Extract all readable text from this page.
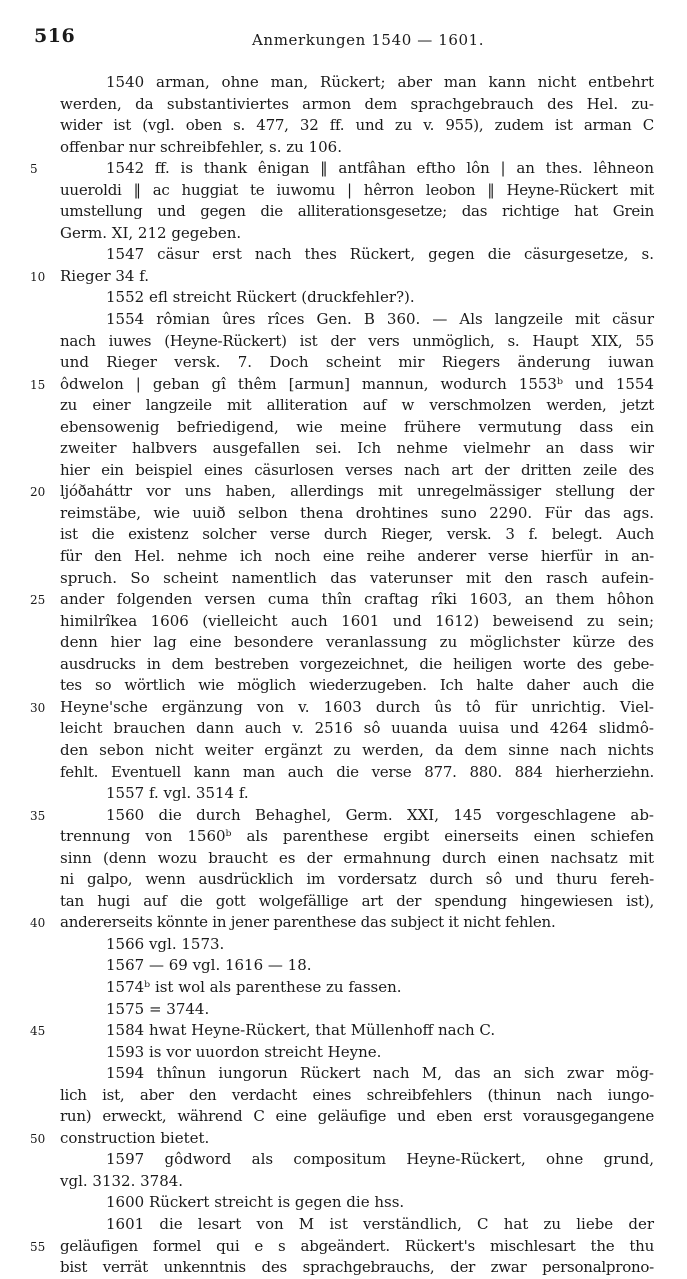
516	Anmerkungen 1540 — 1601.
1540 arman, ohne man, Rückert; aber man kann nicht entbehrt
werden, da substantiviertes armon dem sprachgebrauch des Hel. zu-
wider ist (vgl. oben s. 477, 32 ff. und zu v. 955), zudem ist arman C
offenbar nur schreibfehler, s. zu 106.
5	1542 ff. is thank ênigan ‖ antfâhan eftho lôn | an thes. lêhneon
uueroldi ‖ ac huggiat te iuwomu | hêrron leobon ‖ Heyne-Rückert mit
umstellung und gegen die alliterationsgesetze; das richtige hat Grein
Germ. XI, 212 gegeben.
1547 cäsur erst nach thes Rückert, gegen die cäsurgesetze, s.
10 Rieger 34 f.
1552 efl streicht Rückert (druckfehler?).
1554 rômian ûres rîces Gen. B 360. — Als langzeile mit cäsur
nach iuwes (Heyne-Rückert) ist der vers unmöglich, s. Haupt XIX, 55
und Rieger versk. 7. Doch scheint mir Riegers änderung iuwan
15 ôdwelon | geban gî thêm [armun] mannun, wodurch 1553ᵇ und 1554
zu einer langzeile mit alliteration auf w verschmolzen werden, jetzt
ebensowenig befriedigend, wie meine frühere vermutung dass ein
zweiter halbvers ausgefallen sei. Ich nehme vielmehr an dass wir
hier ein beispiel eines cäsurlosen verses nach art der dritten zeile des
20 ljóðaháttr vor uns haben, allerdings mit unregelmässiger stellung der
reimstäbe, wie uuið selbon thena drohtines suno 2290. Für das ags.
ist die existenz solcher verse durch Rieger, versk. 3 f. belegt. Auch
für den Hel. nehme ich noch eine reihe anderer verse hierfür in an-
spruch. So scheint namentlich das vaterunser mit den rasch aufein-
25 ander folgenden versen cuma thîn craftag rîki 1603, an them hôhon
himilrîkea 1606 (vielleicht auch 1601 und 1612) beweisend zu sein;
denn hier lag eine besondere veranlassung zu möglichster kürze des
ausdrucks in dem bestreben vorgezeichnet, die heiligen worte des gebe-
tes so wörtlich wie möglich wiederzugeben. Ich halte daher auch die
30 Heyne'sche ergänzung von v. 1603 durch ûs tô für unrichtig. Viel-
leicht brauchen dann auch v. 2516 sô uuanda uuisa und 4264 slidmô-
den sebon nicht weiter ergänzt zu werden, da dem sinne nach nichts
fehlt. Eventuell kann man auch die verse 877. 880. 884 hierherziehn.
1557 f. vgl. 3514 f.
35	1560 die durch Behaghel, Germ. XXI, 145 vorgeschlagene ab-
trennung von 1560ᵇ als parenthese ergibt einerseits einen schiefen
sinn (denn wozu braucht es der ermahnung durch einen nachsatz mit
ni galpo, wenn ausdrücklich im vordersatz durch sô und thuru fereh-
tan hugi auf die gott wolgefällige art der spendung hingewiesen ist),
40 andererseits könnte in jener parenthese das subject it nicht fehlen.
1566 vgl. 1573.
1567 — 69 vgl. 1616 — 18.
1574ᵇ ist wol als parenthese zu fassen.
1575 = 3744.
45	1584 hwat Heyne-Rückert, that Müllenhoff nach C.
1593 is vor uuordon streicht Heyne.
1594 thînun iungorun Rückert nach M, das an sich zwar mög-
lich ist, aber den verdacht eines schreibfehlers (thinun nach iungo-
run) erweckt, während C eine geläufige und eben erst vorausgegangene
50 construction bietet.
1597 gôdword als compositum Heyne-Rückert, ohne grund,
vgl. 3132. 3784.
1600 Rückert streicht is gegen die hss.
1601 die lesart von M ist verständlich, C hat zu liebe der
55 geläufigen formel qui e s abgeändert. Rückert's mischlesart the thu
bist verrät unkenntnis des sprachgebrauchs, der zwar personalprono-
